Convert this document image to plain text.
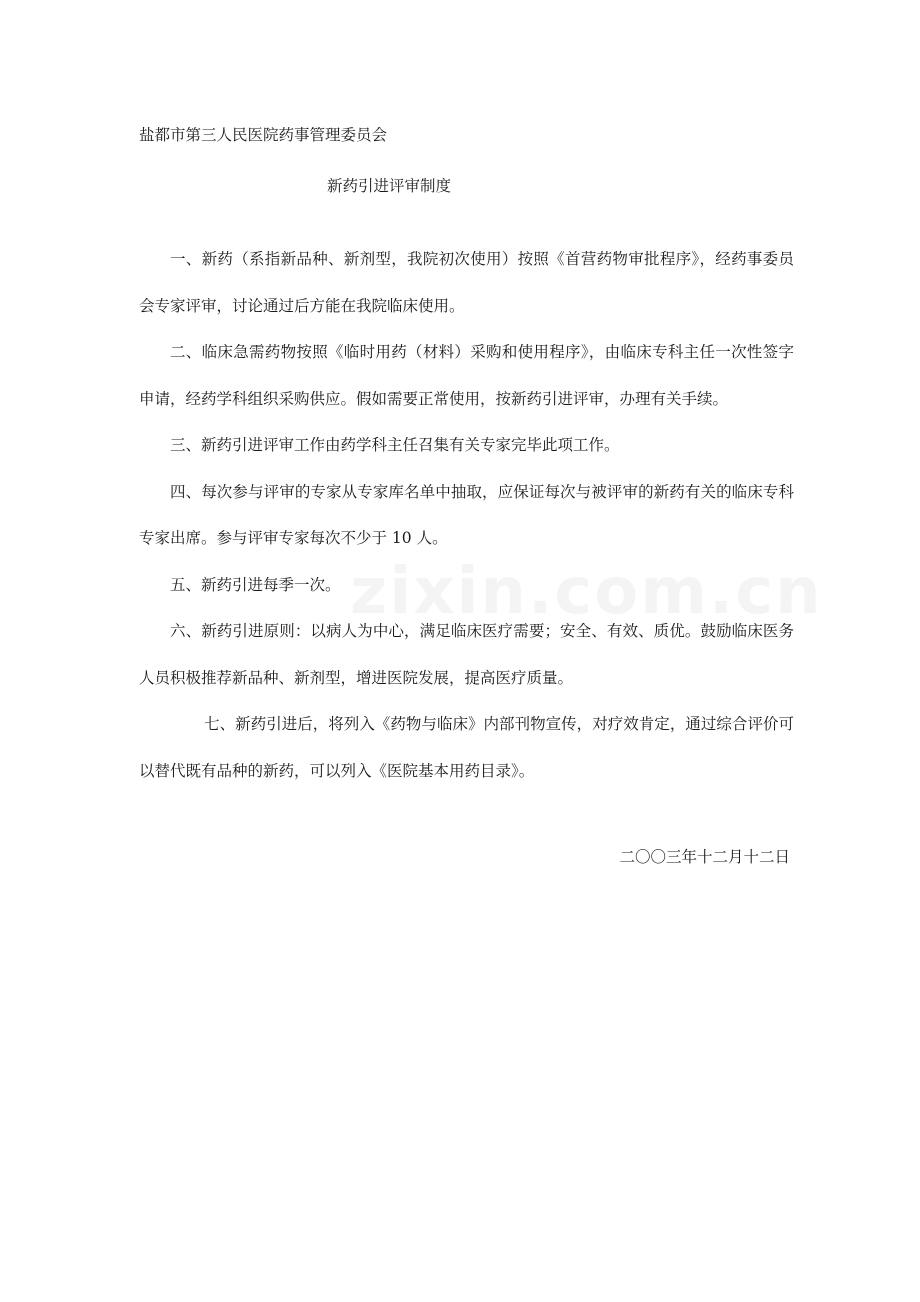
盐都市第三人民医院药事管理委员会
新药引进评审制度

一、新药（系指新品种、新剂型，我院初次使用）按照《首营药物审批程序》，经药事委员会专家评审，讨论通过后方能在我院临床使用。

二、临床急需药物按照《临时用药（材料）采购和使用程序》，由临床专科主任一次性签字申请，经药学科组织采购供应。假如需要正常使用，按新药引进评审，办理有关手续。

三、新药引进评审工作由药学科主任召集有关专家完毕此项工作。

四、每次参与评审的专家从专家库名单中抽取，应保证每次与被评审的新药有关的临床专科专家出席。参与评审专家每次不少于 10 人。

五、新药引进每季一次。

六、新药引进原则：以病人为中心，满足临床医疗需要；安全、有效、质优。鼓励临床医务人员积极推荐新品种、新剂型，增进医院发展，提高医疗质量。

七、新药引进后，将列入《药物与临床》内部刊物宣传，对疗效肯定，通过综合评价可以替代既有品种的新药，可以列入《医院基本用药目录》。

二〇〇三年十二月十二日
